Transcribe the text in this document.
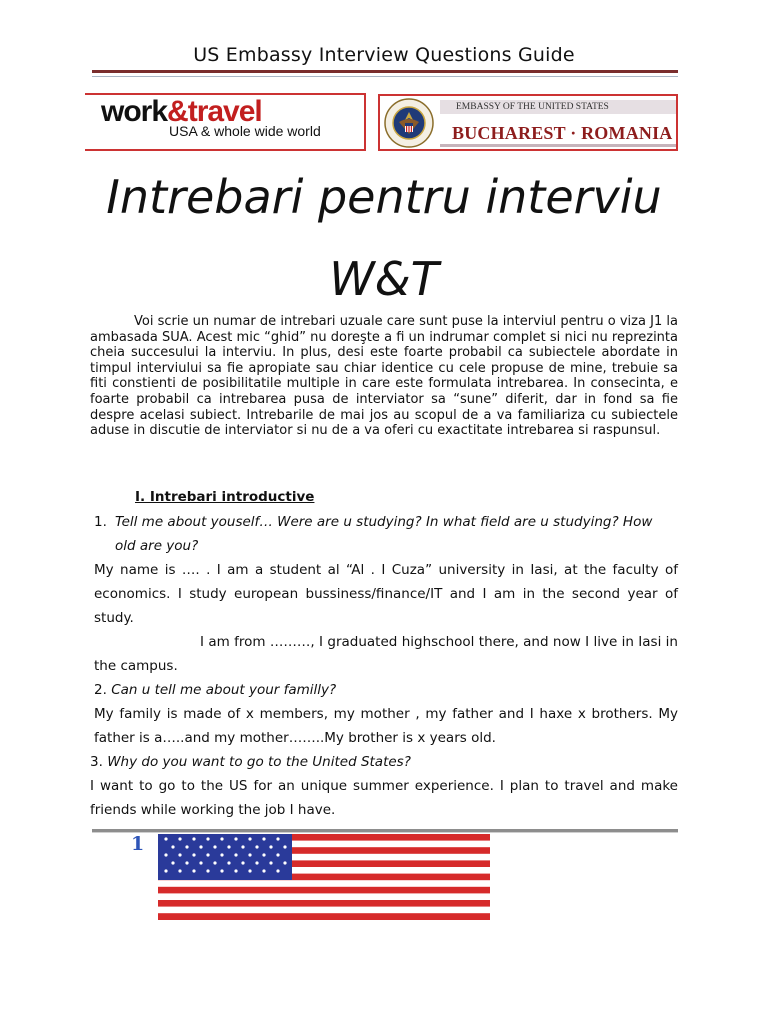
US Embassy Interview Questions Guide
work&travel
USA & whole wide world
EMBASSY OF THE UNITED STATES
BUCHAREST · ROMANIA
Intrebari pentru interviu
W&T
Voi scrie un numar de intrebari uzuale care sunt puse la interviul pentru o viza J1 la ambasada SUA. Acest mic “ghid” nu doreşte a fi un indrumar complet si nici nu reprezinta cheia succesului la interviu. In plus, desi este foarte probabil ca subiectele abordate in timpul interviului sa fie apropiate sau chiar identice cu cele propuse de mine, trebuie sa fiti constienti de posibilitatile multiple in care este formulata intrebarea. In consecinta, e foarte probabil ca intrebarea pusa de interviator sa “sune” diferit, dar in fond sa fie despre acelasi subiect. Intrebarile de mai jos au scopul de a va familiariza cu subiectele aduse in discutie de interviator si nu de a va oferi cu exactitate intrebarea si raspunsul.
I. Intrebari introductive
1. Tell me about youself… Were are u studying? In what field are u studying? How
old are you?
My name is …. . I am a student al “Al . I Cuza” university in Iasi, at the faculty of economics. I study european bussiness/finance/IT and I am in the second year of study.
I am from ………, I graduated highschool there, and now I live in Iasi in the campus.
2. Can u tell me about your familly?
My family is made of x members, my mother , my father and I haxe x brothers. My father is a…..and my mother……..My brother is x years old.
3. Why do you want to go to the United States?
I want to go to the US for an unique summer experience. I plan to travel and make friends while working the job I have.
1
